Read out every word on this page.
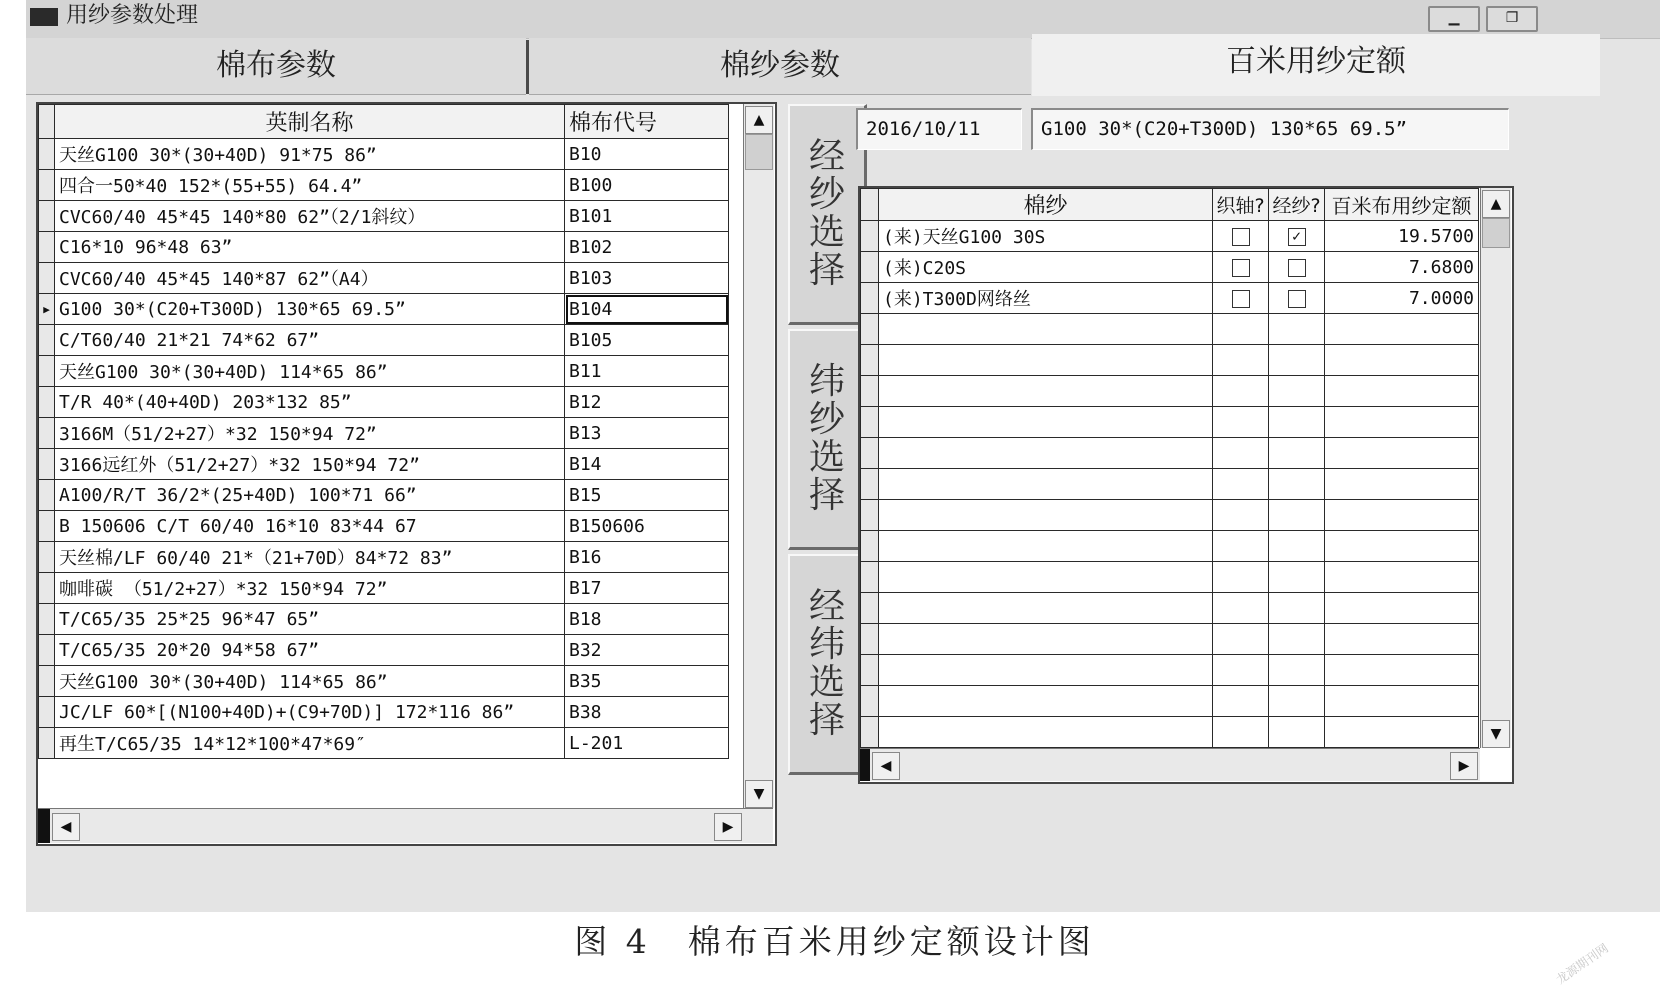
用纱参数处理	▁	❐
棉布参数	棉纱参数	百米用纱定额
	英制名称	棉布代号
	天丝G100 30*(30+40D) 91*75 86”	B10
	四合一50*40 152*(55+55) 64.4”	B100
	CVC60/40 45*45 140*80 62”（2/1斜纹）	B101
	C16*10 96*48 63”	B102
	CVC60/40 45*45 140*87 62”（A4）	B103
▶	G100 30*(C20+T300D) 130*65 69.5”	B104
	C/T60/40 21*21 74*62 67”	B105
	天丝G100 30*(30+40D) 114*65 86”	B11
	T/R 40*(40+40D) 203*132 85”	B12
	3166M（51/2+27）*32 150*94 72”	B13
	3166远红外（51/2+27）*32 150*94 72”	B14
	A100/R/T 36/2*(25+40D) 100*71 66”	B15
	B 150606 C/T 60/40 16*10 83*44 67	B150606
	天丝棉/LF 60/40 21*（21+70D）84*72 83”	B16
	咖啡碳 （51/2+27）*32 150*94 72”	B17
	T/C65/35 25*25 96*47 65”	B18
	T/C65/35 20*20 94*58 67”	B32
	天丝G100 30*(30+40D) 114*65 86”	B35
	JC/LF 60*[(N100+40D)+(C9+70D)] 172*116 86”	B38
	再生T/C65/35 14*12*100*47*69″	L-201
▲
▼
◀	▶
经
纱
选
择
纬
纱
选
择
经
纬
选
择
2016/10/11	G100 30*(C20+T300D) 130*65 69.5”
	棉纱	织轴?	经纱?	百米布用纱定额
	(来)天丝G100 30S		✓	19.5700
	(来)C20S			7.6800
	(来)T300D网络丝			7.0000

▲
▼
◀	▶
图 4　棉布百米用纱定额设计图	龙源期刊网
